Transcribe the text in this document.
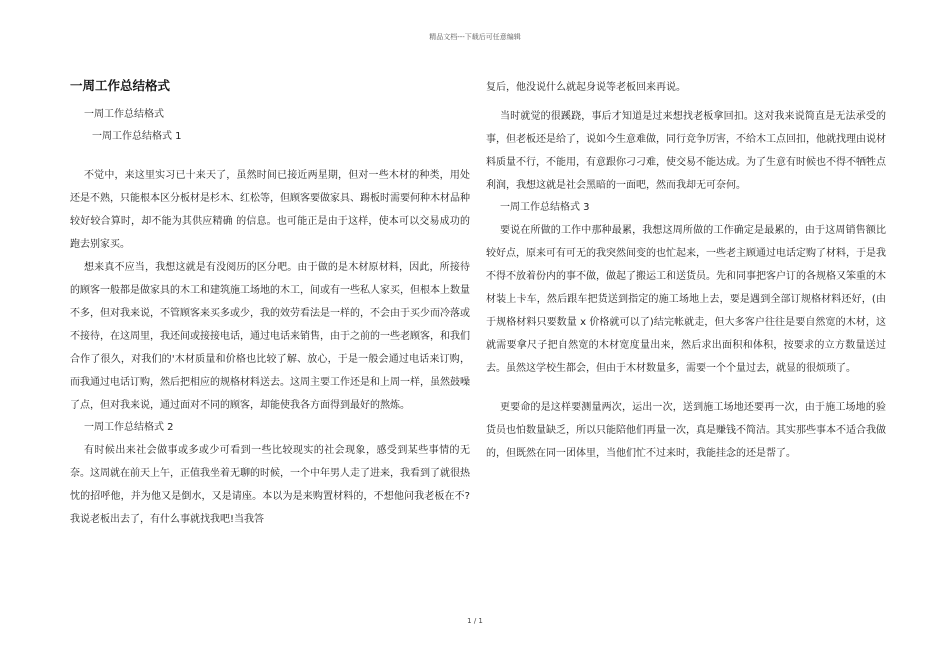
精品文档---下载后可任意编辑
一周工作总结格式

一周工作总结格式

一周工作总结格式 1

不觉中，来这里实习已十来天了，虽然时间已接近两星期，但对一些木材的种类，用处还是不熟，只能根本区分板材是杉木、红松等，但顾客要做家具、踢板时需要何种木材品种较好较合算时，却不能为其供应精确 的信息。也可能正是由于这样，使本可以交易成功的跑去别家买。

想来真不应当，我想这就是有没阅历的区分吧。由于做的是木材原材料，因此，所接待的顾客一般都是做家具的木工和建筑施工场地的木工，间或有一些私人家买，但根本上数量不多，但对我来说，不管顾客来买多或少，我的效劳看法是一样的，不会由于买少而冷落或不接待，在这周里，我还间或接接电话，通过电话来销售，由于之前的一些老顾客，和我们合作了很久，对我们的'木材质量和价格也比较了解、放心，于是一般会通过电话来订购，而我通过电话订购，然后把相应的规格材料送去。这周主要工作还是和上周一样，虽然鼓噪了点，但对我来说，通过面对不同的顾客，却能使我各方面得到最好的熬炼。

一周工作总结格式 2

有时候出来社会做事或多或少可看到一些比较现实的社会现象，感受到某些事情的无奈。这周就在前天上午，正值我坐着无聊的时候，一个中年男人走了进来，我看到了就很热忱的招呼他，并为他又是倒水，又是请座。本以为是来购置材料的，不想他问我老板在不?我说老板出去了，有什么事就找我吧!当我答

复后，他没说什么就起身说等老板回来再说。

当时就觉的很蹊跷，事后才知道是过来想找老板拿回扣。这对我来说简直是无法承受的事，但老板还是给了，说如今生意难做，同行竞争厉害，不给木工点回扣，他就找理由说材料质量不行，不能用，有意跟你刁刁难，使交易不能达成。为了生意有时候也不得不牺牲点利润，我想这就是社会黑暗的一面吧，然而我却无可奈何。

一周工作总结格式 3

要说在所做的工作中那种最累，我想这周所做的工作确定是最累的，由于这周销售额比较好点，原来可有可无的我突然间变的也忙起来，一些老主顾通过电话定购了材料，于是我不得不放着份内的事不做，做起了搬运工和送货员。先和同事把客户订的各规格又笨重的木材装上卡车，然后跟车把货送到指定的施工场地上去，要是遇到全部订规格材料还好，(由于规格材料只要数量 x 价格就可以了)结完帐就走，但大多客户往往是要自然宽的木材，这就需要拿尺子把自然宽的木材宽度量出来，然后求出面积和体积，按要求的立方数量送过去。虽然这学校生都会，但由于木材数量多，需要一个个量过去，就显的很烦琐了。

更要命的是这样要测量两次，运出一次，送到施工场地还要再一次，由于施工场地的验货员也怕数量缺乏，所以只能陪他们再量一次，真是赚钱不简洁。其实那些事本不适合我做的，但既然在同一团体里，当他们忙不过来时，我能挂念的还是帮了。

1 / 1
